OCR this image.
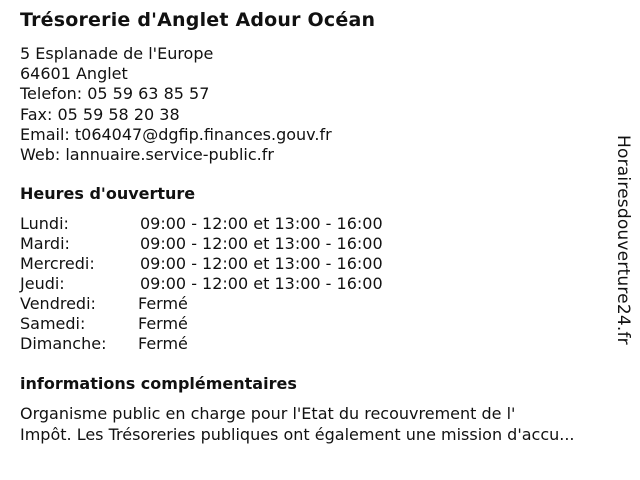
Trésorerie d'Anglet Adour Océan
5 Esplanade de l'Europe
64601 Anglet
Telefon: 05 59 63 85 57
Fax: 05 59 58 20 38
Email: t064047@dgfip.finances.gouv.fr
Web: lannuaire.service-public.fr
Heures d'ouverture
Lundi:	09:00 - 12:00 et 13:00 - 16:00
Mardi:	09:00 - 12:00 et 13:00 - 16:00
Mercredi:	09:00 - 12:00 et 13:00 - 16:00
Jeudi:	09:00 - 12:00 et 13:00 - 16:00
Vendredi:	Fermé
Samedi:	Fermé
Dimanche: Fermé
informations complémentaires
Organisme public en charge pour l'Etat du recouvrement de l'
Impôt. Les Trésoreries publiques ont également une mission d'accu...
Horairesdouverture24.fr
